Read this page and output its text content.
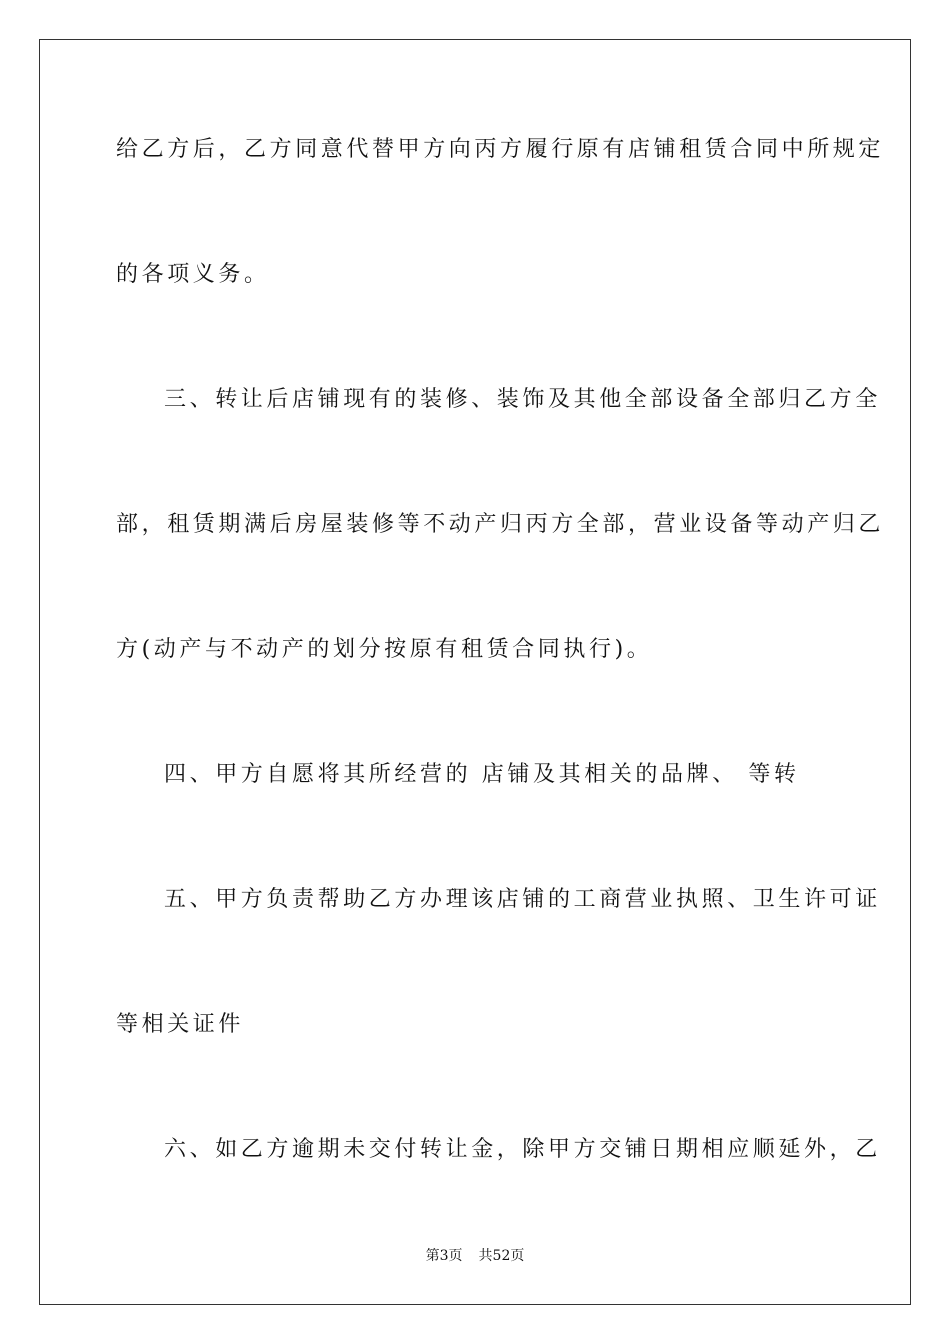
给乙方后，乙方同意代替甲方向丙方履行原有店铺租赁合同中所规定
的各项义务。
三、转让后店铺现有的装修、装饰及其他全部设备全部归乙方全
部，租赁期满后房屋装修等不动产归丙方全部，营业设备等动产归乙
方(动产与不动产的划分按原有租赁合同执行)。
四、甲方自愿将其所经营的 店铺及其相关的品牌、 等转
五、甲方负责帮助乙方办理该店铺的工商营业执照、卫生许可证
等相关证件
六、如乙方逾期未交付转让金，除甲方交铺日期相应顺延外，乙
第3页 共52页
